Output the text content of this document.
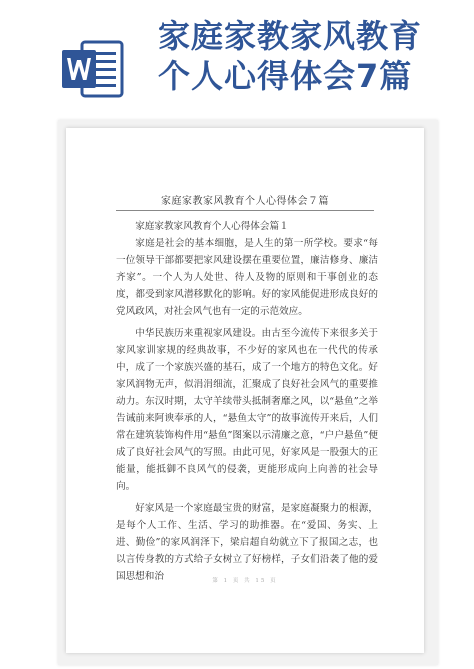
家庭家教家风教育
个人心得体会7篇
家庭家教家风教育个人心得体会７篇

家庭家教家风教育个人心得体会篇１

家庭是社会的基本细胞，是人生的第一所学校。要求“每一位领导干部都要把家风建设摆在重要位置，廉洁修身、廉洁齐家”。一个人为人处世、待人及物的原则和干事创业的态度，都受到家风潜移默化的影响。好的家风能促进形成良好的党风政风，对社会风气也有一定的示范效应。

中华民族历来重视家风建设。由古至今流传下来很多关于家风家训家规的经典故事，不少好的家风也在一代代的传承中，成了一个家族兴盛的基石，成了一个地方的特色文化。好家风润物无声，似涓涓细流，汇聚成了良好社会风气的重要推动力。东汉时期，太守羊续带头抵制奢靡之风，以“悬鱼”之举告诫前来阿谀奉承的人，“悬鱼太守”的故事流传开来后，人们常在建筑装饰构件用“悬鱼”图案以示清廉之意，“户户悬鱼”便成了良好社会风气的写照。由此可见，好家风是一股强大的正能量，能抵御不良风气的侵袭，更能形成向上向善的社会导向。

好家风是一个家庭最宝贵的财富，是家庭凝聚力的根源，是每个人工作、生活、学习的助推器。在“爱国、务实、上进、勤俭”的家风润泽下，梁启超自幼就立下了报国之志，也以言传身教的方式给子女树立了好榜样，子女们沿袭了他的爱国思想和治	第 1 页 共 15 页
